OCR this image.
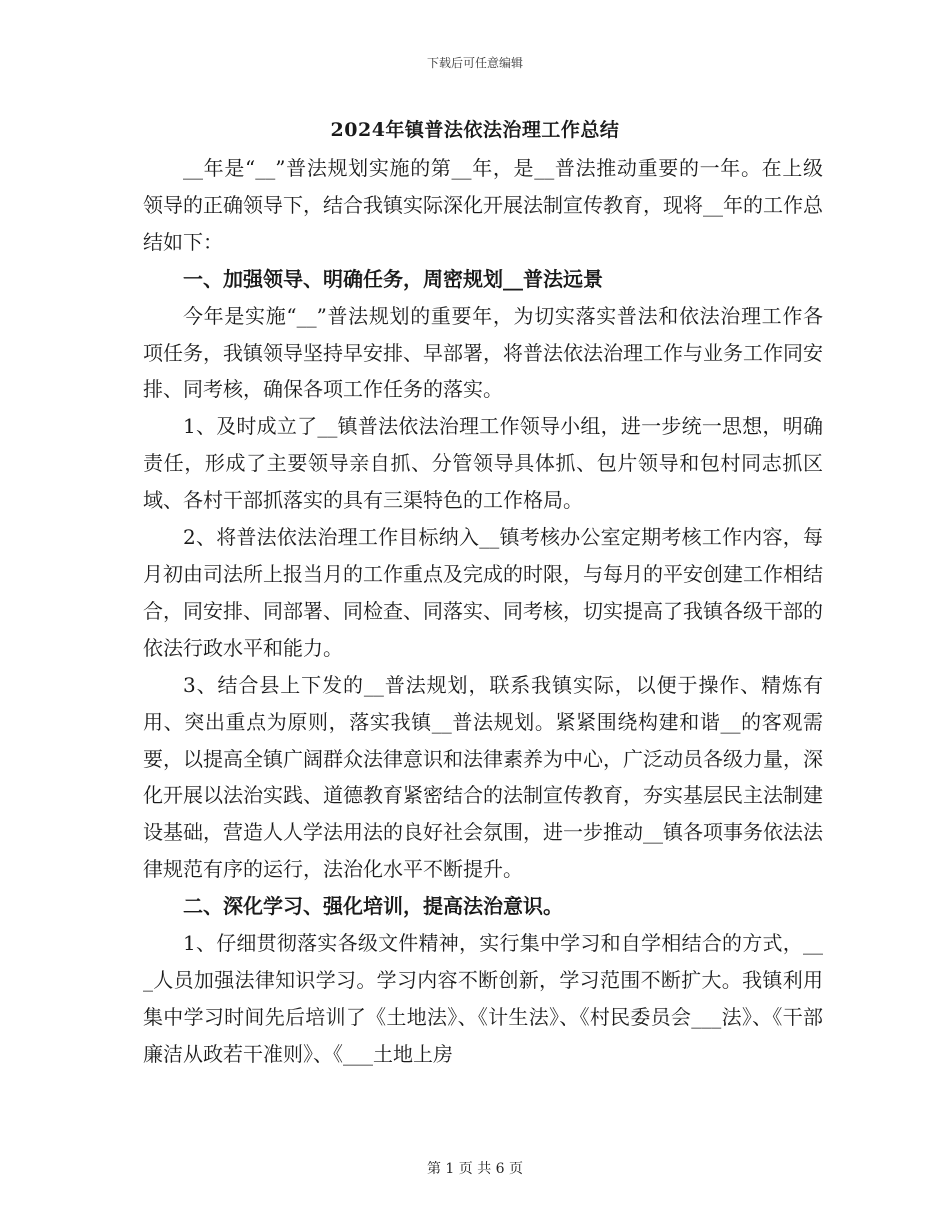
下载后可任意编辑
2024年镇普法依法治理工作总结

__年是“__”普法规划实施的第__年，是__普法推动重要的一年。在上级领导的正确领导下，结合我镇实际深化开展法制宣传教育，现将__年的工作总结如下：

一、加强领导、明确任务，周密规划__普法远景

今年是实施“__”普法规划的重要年，为切实落实普法和依法治理工作各项任务，我镇领导坚持早安排、早部署，将普法依法治理工作与业务工作同安排、同考核，确保各项工作任务的落实。

1、及时成立了__镇普法依法治理工作领导小组，进一步统一思想，明确责任，形成了主要领导亲自抓、分管领导具体抓、包片领导和包村同志抓区域、各村干部抓落实的具有三渠特色的工作格局。

2、将普法依法治理工作目标纳入__镇考核办公室定期考核工作内容，每月初由司法所上报当月的工作重点及完成的时限，与每月的平安创建工作相结合，同安排、同部署、同检查、同落实、同考核，切实提高了我镇各级干部的依法行政水平和能力。

3、结合县上下发的__普法规划，联系我镇实际，以便于操作、精炼有用、突出重点为原则，落实我镇__普法规划。紧紧围绕构建和谐__的客观需要，以提高全镇广阔群众法律意识和法律素养为中心，广泛动员各级力量，深化开展以法治实践、道德教育紧密结合的法制宣传教育，夯实基层民主法制建设基础，营造人人学法用法的良好社会氛围，进一步推动__镇各项事务依法法律规范有序的运行，法治化水平不断提升。

二、深化学习、强化培训，提高法治意识。

1、仔细贯彻落实各级文件精神，实行集中学习和自学相结合的方式，___人员加强法律知识学习。学习内容不断创新，学习范围不断扩大。我镇利用集中学习时间先后培训了《土地法》、《计生法》、《村民委员会___法》、《干部廉洁从政若干准则》、《___土地上房

第 1 页 共 6 页
